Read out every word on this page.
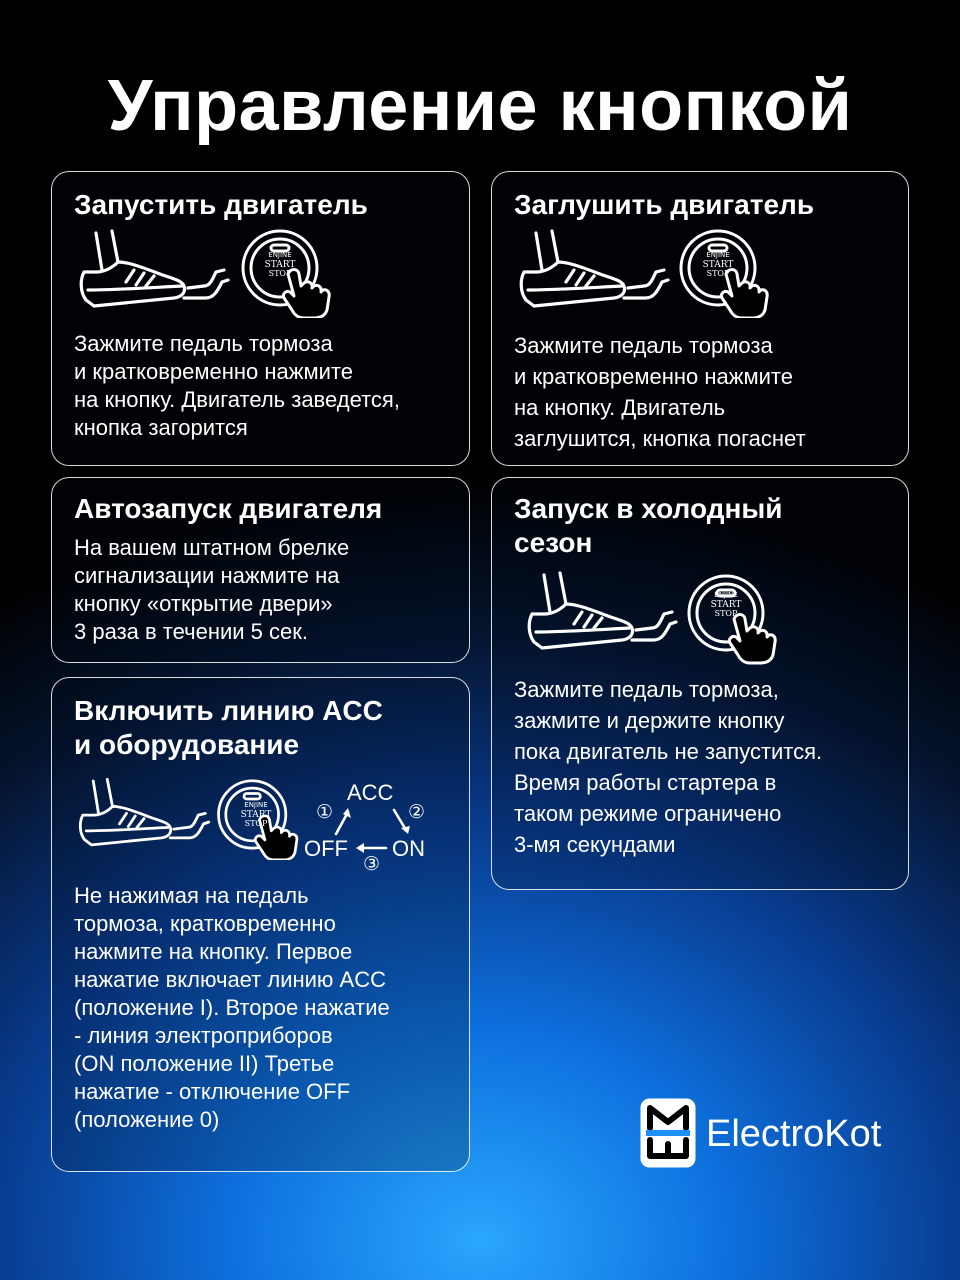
Управление кнопкой
Запустить двигатель
ENJINE
START
STOP
Зажмите педаль тормоза
и кратковременно нажмите
на кнопку. Двигатель заведется,
кнопка загорится
Заглушить двигатель
ENJINE
START
STOP
Зажмите педаль тормоза
и кратковременно нажмите
на кнопку. Двигатель
заглушится, кнопка погаснет
Автозапуск двигателя
На вашем штатном брелке
сигнализации нажмите на
кнопку «открытие двери»
3 раза в течении 5 сек.
Запуск в холодный
сезон
ENJINE
START
STOP
Зажмите педаль тормоза,
зажмите и держите кнопку
пока двигатель не запустится.
Время работы стартера в
таком режиме ограничено
3-мя секундами
Включить линию ACC
и оборудование
ENJINE
START
STOP
ACC
OFF ON
①	②
③
Не нажимая на педаль
тормоза, кратковременно
нажмите на кнопку. Первое
нажатие включает линию ACC
(положение I). Второе нажатие
- линия электроприборов
(ON положение II) Третье
нажатие - отключение OFF
(положение 0)	ElectroKot
